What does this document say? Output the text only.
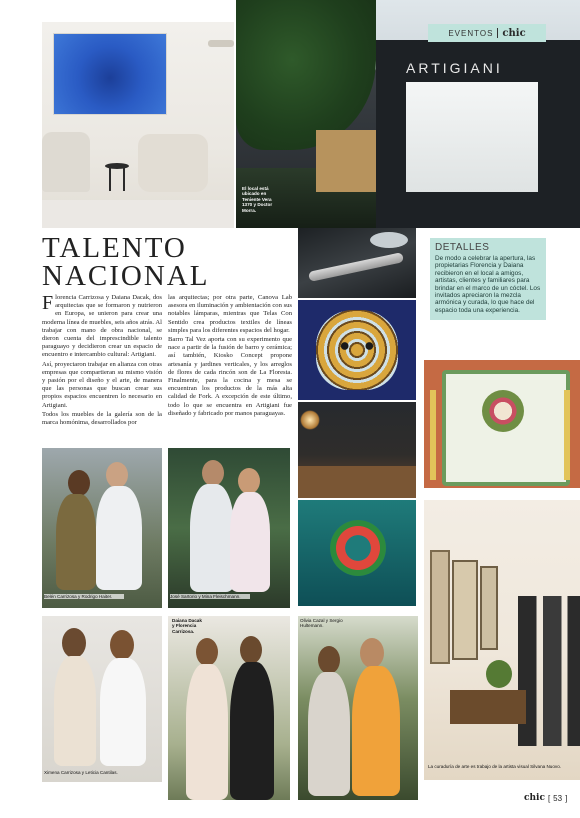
ARTIGIANI
El local está ubicado en Teniente Vera 1370 y Doctor Morra.
EVENTOS chic
TALENTO
NACIONAL

Florencia Carrizosa y Daiana Dacak, dos arquitectas que se formaron y nutrieron en Europa, se unieron para crear una moderna línea de muebles, seis años atrás. Al trabajar con mano de obra nacional, se dieron cuenta del imprescindible talento paraguayo y decidieron crear un espacio de encuentro e intercambio cultural: Artigiani.

Así, proyectaron trabajar en alianza con otras empresas que compartieran su mismo visión y pasión por el diseño y el arte, de manera que las personas que buscan crear sus propios espacios encuentren lo necesario en Artigiani.

Todos los muebles de la galería son de la marca homónima, desarrollados por

las arquitectas; por otra parte, Canova Lab asesora en iluminación y ambientación con sus notables lámparas, mientras que Telas Con Sentido crea productos textiles de líneas simples para los diferentes espacios del hogar.

Barro Tal Vez aporta con su experimento que nace a partir de la fusión de barro y cerámica; así también, Kiosko Concept propone artesanía y jardines verticales, y los arreglos de flores de cada rincón son de La Floresta. Finalmente, para la cocina y mesa se encuentran los productos de la más alta calidad de Fork. A excepción de este último, todo lo que se encuentra en Artigiani fue diseñado y fabricado por manos paraguayas.

DETALLES
De modo a celebrar la apertura, las propietarias Florencia y Daiana recibieron en el local a amigos, artistas, clientes y familiares para brindar en el marco de un cóctel. Los invitados apreciaron la mezcla armónica y curada, lo que hace del espacio toda una experiencia.
La curaduría de arte es trabajo de la artista visual Silvana Nuovo.
Belén Carrizosa y Rodrigo Haiter.	José Sartorio y Mina Fleischmann.
Ximena Carrizosa y Leticia Cantilas.
Daiana Dacak y Florencia Carrizosa.
Olivia Cazal y Sergio Hultemann.
chic [ 53 ]
